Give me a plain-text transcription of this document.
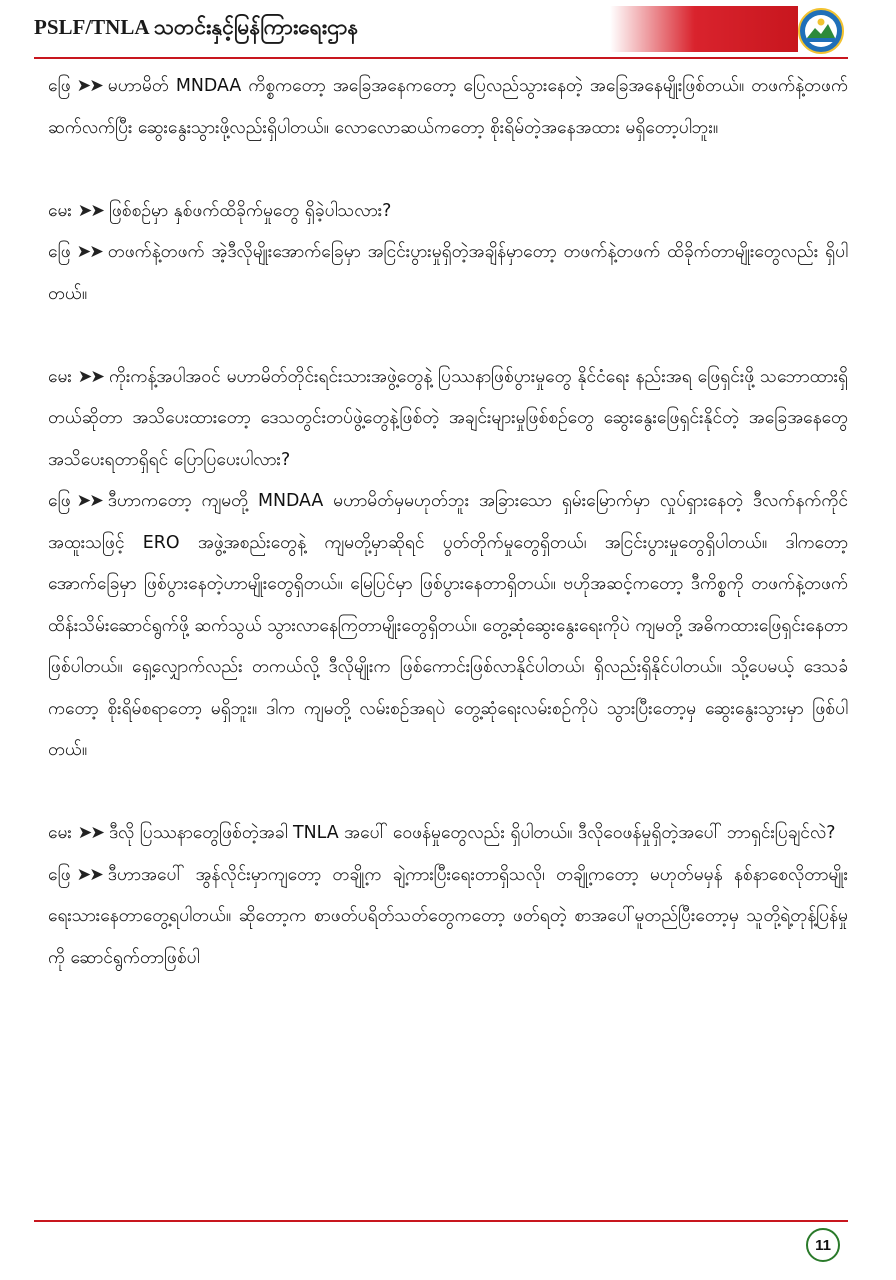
PSLF/TNLA သတင်းနှင့်မြန်ကြားရေးဌာန

ဖြေ ➤➤ မဟာမိတ် MNDAA ကိစ္စကတော့ အခြေအနေကတော့ ပြေလည်သွားနေတဲ့ အခြေအနေမျိုးဖြစ်တယ်။ တဖက်နဲ့တဖက် ဆက်လက်ပြီး ဆွေးနွေးသွားဖို့လည်းရှိပါတယ်။ လောလောဆယ်ကတော့ စိုးရိမ်တဲ့အနေအထား မရှိတော့ပါဘူး။

မေး ➤➤ ဖြစ်စဉ်မှာ နှစ်ဖက်ထိခိုက်မှုတွေ ရှိခဲ့ပါသလား?

ဖြေ ➤➤ တဖက်နဲ့တဖက် အဲ့ဒီလိုမျိုးအောက်ခြေမှာ အငြင်းပွားမှုရှိတဲ့အချိန်မှာတော့ တဖက်နဲ့တဖက် ထိခိုက်တာမျိုးတွေလည်း ရှိပါတယ်။

မေး ➤➤ ကိုးကန့်အပါအဝင် မဟာမိတ်တိုင်းရင်းသားအဖွဲ့တွေနဲ့ ပြဿနာဖြစ်ပွားမှုတွေ နိုင်ငံရေး နည်းအရ ဖြေရှင်းဖို့ သဘောထားရှိတယ်ဆိုတာ အသိပေးထားတော့ ဒေသတွင်းတပ်ဖွဲ့တွေနဲ့ဖြစ်တဲ့ အချင်းများမှုဖြစ်စဉ်တွေ ဆွေးနွေးဖြေရှင်းနိုင်တဲ့ အခြေအနေတွေ အသိပေးရတာရှိရင် ပြောပြပေးပါလား?

ဖြေ ➤➤ ဒီဟာကတော့ ကျမတို့ MNDAA မဟာမိတ်မှမဟုတ်ဘူး အခြားသော ရှမ်းမြောက်မှာ လှုပ်ရှားနေတဲ့ ဒီလက်နက်ကိုင် အထူးသဖြင့် ERO အဖွဲ့အစည်းတွေနဲ့ ကျမတို့မှာဆိုရင် ပွတ်တိုက်မှုတွေရှိတယ်၊ အငြင်းပွားမှုတွေရှိပါတယ်။ ဒါကတော့ အောက်ခြေမှာ ဖြစ်ပွားနေတဲ့ဟာမျိုးတွေရှိတယ်။ မြေပြင်မှာ ဖြစ်ပွားနေတာရှိတယ်။ ဗဟိုအဆင့်ကတော့ ဒီကိစ္စကို တဖက်နဲ့တဖက် ထိန်းသိမ်းဆောင်ရွက်ဖို့ ဆက်သွယ် သွားလာနေကြတာမျိုးတွေရှိတယ်။ တွေ့ဆုံဆွေးနွေးရေးကိုပဲ ကျမတို့ အဓိကထားဖြေရှင်းနေတာ ဖြစ်ပါတယ်။ ရှေ့လျှောက်လည်း တကယ်လို့ ဒီလိုမျိုးက ဖြစ်ကောင်းဖြစ်လာနိုင်ပါတယ်၊ ရှိလည်းရှိနိုင်ပါတယ်။ သို့ပေမယ့် ဒေသခံကတော့ စိုးရိမ်စရာတော့ မရှိဘူး။ ဒါက ကျမတို့ လမ်းစဉ်အရပဲ တွေ့ဆုံရေးလမ်းစဉ်ကိုပဲ သွားပြီးတော့မှ ဆွေးနွေးသွားမှာ ဖြစ်ပါတယ်။

မေး ➤➤ ဒီလို ပြဿနာတွေဖြစ်တဲ့အခါ TNLA အပေါ် ဝေဖန်မှုတွေလည်း ရှိပါတယ်။ ဒီလိုဝေဖန်မှုရှိတဲ့အပေါ် ဘာရှင်းပြချင်လဲ?

ဖြေ ➤➤ ဒီဟာအပေါ် အွန်လိုင်းမှာကျတော့ တချို့က ချဲ့ကားပြီးရေးတာရှိသလို၊ တချို့ကတော့ မဟုတ်မမှန် နစ်နာစေလိုတာမျိုး ရေးသားနေတာတွေ့ရပါတယ်။ ဆိုတော့က စာဖတ်ပရိတ်သတ်တွေကတော့ ဖတ်ရတဲ့ စာအပေါ်မူတည်ပြီးတော့မှ သူတို့ရဲ့တုန့်ပြန်မှုကို ဆောင်ရွက်တာဖြစ်ပါ

11
